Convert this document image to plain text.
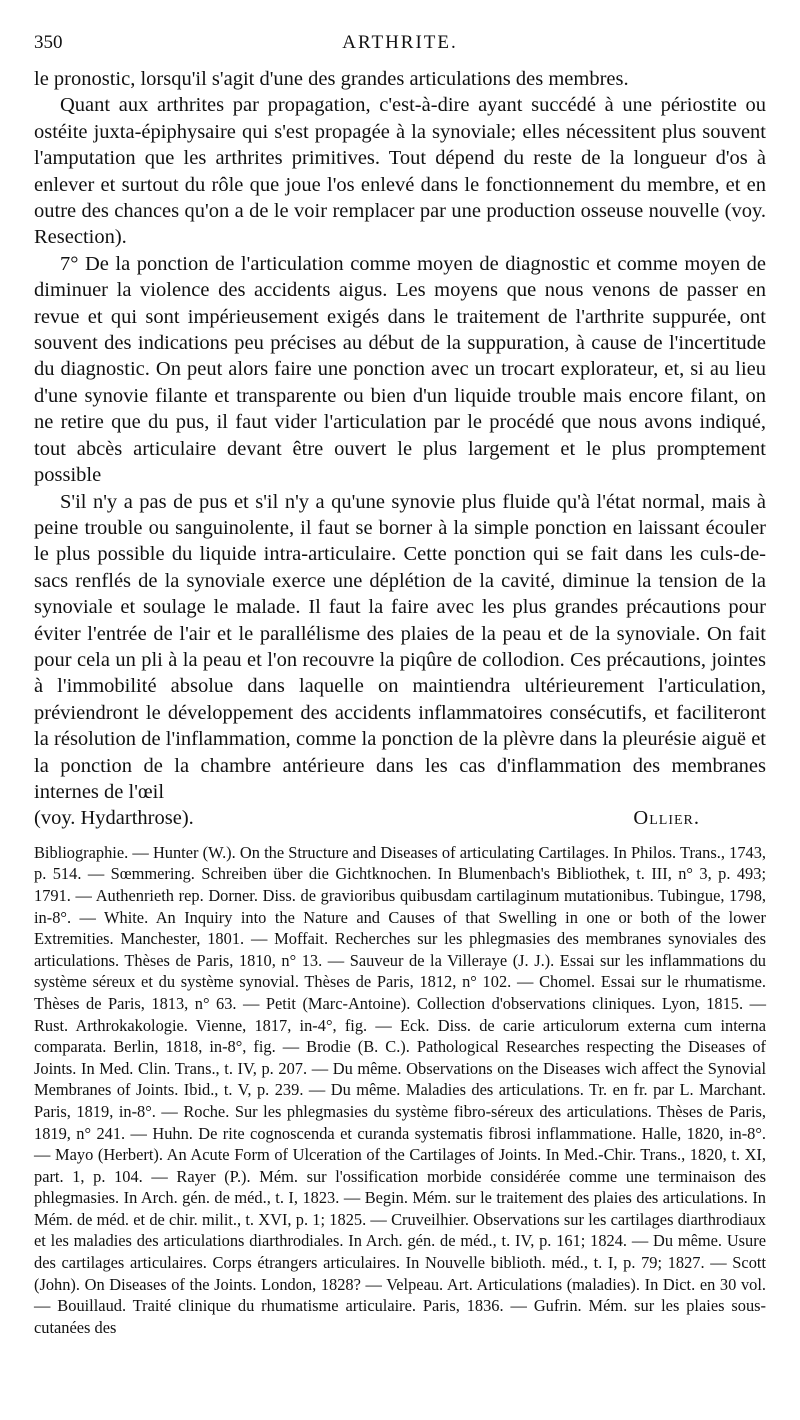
350	ARTHRITE.

le pronostic, lorsqu'il s'agit d'une des grandes articulations des membres.

Quant aux arthrites par propagation, c'est-à-dire ayant succédé à une périostite ou ostéite juxta-épiphysaire qui s'est propagée à la synoviale; elles nécessitent plus souvent l'amputation que les arthrites primitives. Tout dépend du reste de la longueur d'os à enlever et surtout du rôle que joue l'os enlevé dans le fonctionnement du membre, et en outre des chances qu'on a de le voir remplacer par une production osseuse nouvelle (voy. Resection).

7° De la ponction de l'articulation comme moyen de diagnostic et comme moyen de diminuer la violence des accidents aigus. Les moyens que nous venons de passer en revue et qui sont impérieusement exigés dans le traitement de l'arthrite suppurée, ont souvent des indications peu précises au début de la suppuration, à cause de l'incertitude du diagnostic. On peut alors faire une ponction avec un trocart explorateur, et, si au lieu d'une synovie filante et transparente ou bien d'un liquide trouble mais encore filant, on ne retire que du pus, il faut vider l'articulation par le procédé que nous avons indiqué, tout abcès articulaire devant être ouvert le plus largement et le plus promptement possible

S'il n'y a pas de pus et s'il n'y a qu'une synovie plus fluide qu'à l'état normal, mais à peine trouble ou sanguinolente, il faut se borner à la simple ponction en laissant écouler le plus possible du liquide intra-articulaire. Cette ponction qui se fait dans les culs-de-sacs renflés de la synoviale exerce une déplétion de la cavité, diminue la tension de la synoviale et soulage le malade. Il faut la faire avec les plus grandes précautions pour éviter l'entrée de l'air et le parallélisme des plaies de la peau et de la synoviale. On fait pour cela un pli à la peau et l'on recouvre la piqûre de collodion. Ces précautions, jointes à l'immobilité absolue dans laquelle on maintiendra ultérieurement l'articulation, préviendront le développement des accidents inflammatoires consécutifs, et faciliteront la résolution de l'inflammation, comme la ponction de la plèvre dans la pleurésie aiguë et la ponction de la chambre antérieure dans les cas d'inflammation des membranes internes de l'œil

(voy. Hydarthrose).	Ollier.
Bibliographie. — Hunter (W.). On the Structure and Diseases of articulating Cartilages. In Philos. Trans., 1743, p. 514. — Sœmmering. Schreiben über die Gichtknochen. In Blumenbach's Bibliothek, t. III, n° 3, p. 493; 1791. — Authenrieth rep. Dorner. Diss. de gravioribus quibusdam cartilaginum mutationibus. Tubingue, 1798, in-8°. — White. An Inquiry into the Nature and Causes of that Swelling in one or both of the lower Extremities. Manchester, 1801. — Moffait. Recherches sur les phlegmasies des membranes synoviales des articulations. Thèses de Paris, 1810, n° 13. — Sauveur de la Villeraye (J. J.). Essai sur les inflammations du système séreux et du système synovial. Thèses de Paris, 1812, n° 102. — Chomel. Essai sur le rhumatisme. Thèses de Paris, 1813, n° 63. — Petit (Marc-Antoine). Collection d'observations cliniques. Lyon, 1815. — Rust. Arthrokakologie. Vienne, 1817, in-4°, fig. — Eck. Diss. de carie articulorum externa cum interna comparata. Berlin, 1818, in-8°, fig. — Brodie (B. C.). Pathological Researches respecting the Diseases of Joints. In Med. Clin. Trans., t. IV, p. 207. — Du même. Observations on the Diseases wich affect the Synovial Membranes of Joints. Ibid., t. V, p. 239. — Du même. Maladies des articulations. Tr. en fr. par L. Marchant. Paris, 1819, in-8°. — Roche. Sur les phlegmasies du système fibro-séreux des articulations. Thèses de Paris, 1819, n° 241. — Huhn. De rite cognoscenda et curanda systematis fibrosi inflammatione. Halle, 1820, in-8°. — Mayo (Herbert). An Acute Form of Ulceration of the Cartilages of Joints. In Med.-Chir. Trans., 1820, t. XI, part. 1, p. 104. — Rayer (P.). Mém. sur l'ossification morbide considérée comme une terminaison des phlegmasies. In Arch. gén. de méd., t. I, 1823. — Begin. Mém. sur le traitement des plaies des articulations. In Mém. de méd. et de chir. milit., t. XVI, p. 1; 1825. — Cruveilhier. Observations sur les cartilages diarthrodiaux et les maladies des articulations diarthrodiales. In Arch. gén. de méd., t. IV, p. 161; 1824. — Du même. Usure des cartilages articulaires. Corps étrangers articulaires. In Nouvelle biblioth. méd., t. I, p. 79; 1827. — Scott (John). On Diseases of the Joints. London, 1828? — Velpeau. Art. Articulations (maladies). In Dict. en 30 vol. — Bouillaud. Traité clinique du rhumatisme articulaire. Paris, 1836. — Gufrin. Mém. sur les plaies sous-cutanées des
